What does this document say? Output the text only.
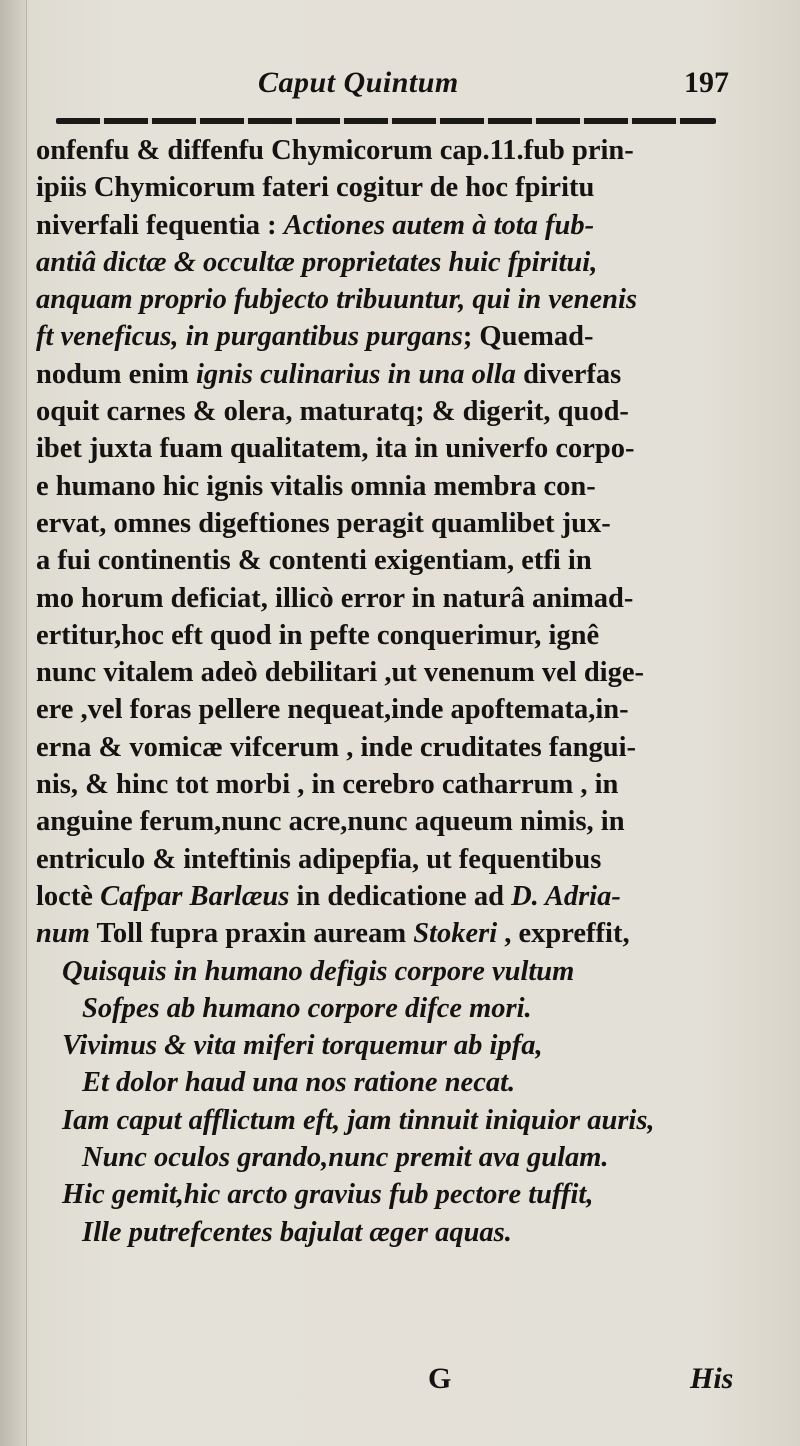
Caput Quintum	197
onfenfu & diffenfu Chymicorum cap.11.fub prin-
ipiis Chymicorum fateri cogitur de hoc fpiritu
niverfali fequentia : Actiones autem à tota fub-
antiâ dictæ & occultæ proprietates huic fpiritui,
anquam proprio fubjecto tribuuntur, qui in venenis
ft veneficus, in purgantibus purgans; Quemad-
nodum enim ignis culinarius in una olla diverfas
oquit carnes & olera, maturatq; & digerit, quod-
ibet juxta fuam qualitatem, ita in univerfo corpo-
e humano hic ignis vitalis omnia membra con-
ervat, omnes digeftiones peragit quamlibet jux-
a fui continentis & contenti exigentiam, etfi in
mo horum deficiat, illicò error in naturâ animad-
ertitur,hoc eft quod in pefte conquerimur, ignê
nunc vitalem adeò debilitari ,ut venenum vel dige-
ere ,vel foras pellere nequeat,inde apoftemata,in-
erna & vomicæ vifcerum , inde cruditates fangui-
nis, & hinc tot morbi , in cerebro catharrum , in
anguine ferum,nunc acre,nunc aqueum nimis, in
entriculo & inteftinis adipepfia, ut fequentibus
loctè Cafpar Barlæus in dedicatione ad D. Adria-
num Toll fupra praxin auream Stokeri , expreffit,
Quisquis in humano defigis corpore vultum
Sofpes ab humano corpore difce mori.
Vivimus & vita miferi torquemur ab ipfa,
Et dolor haud una nos ratione necat.
Iam caput afflictum eft, jam tinnuit iniquior auris,
Nunc oculos grando,nunc premit ava gulam.
Hic gemit,hic arcto gravius fub pectore tuffit,
Ille putrefcentes bajulat æger aquas.
G	His
